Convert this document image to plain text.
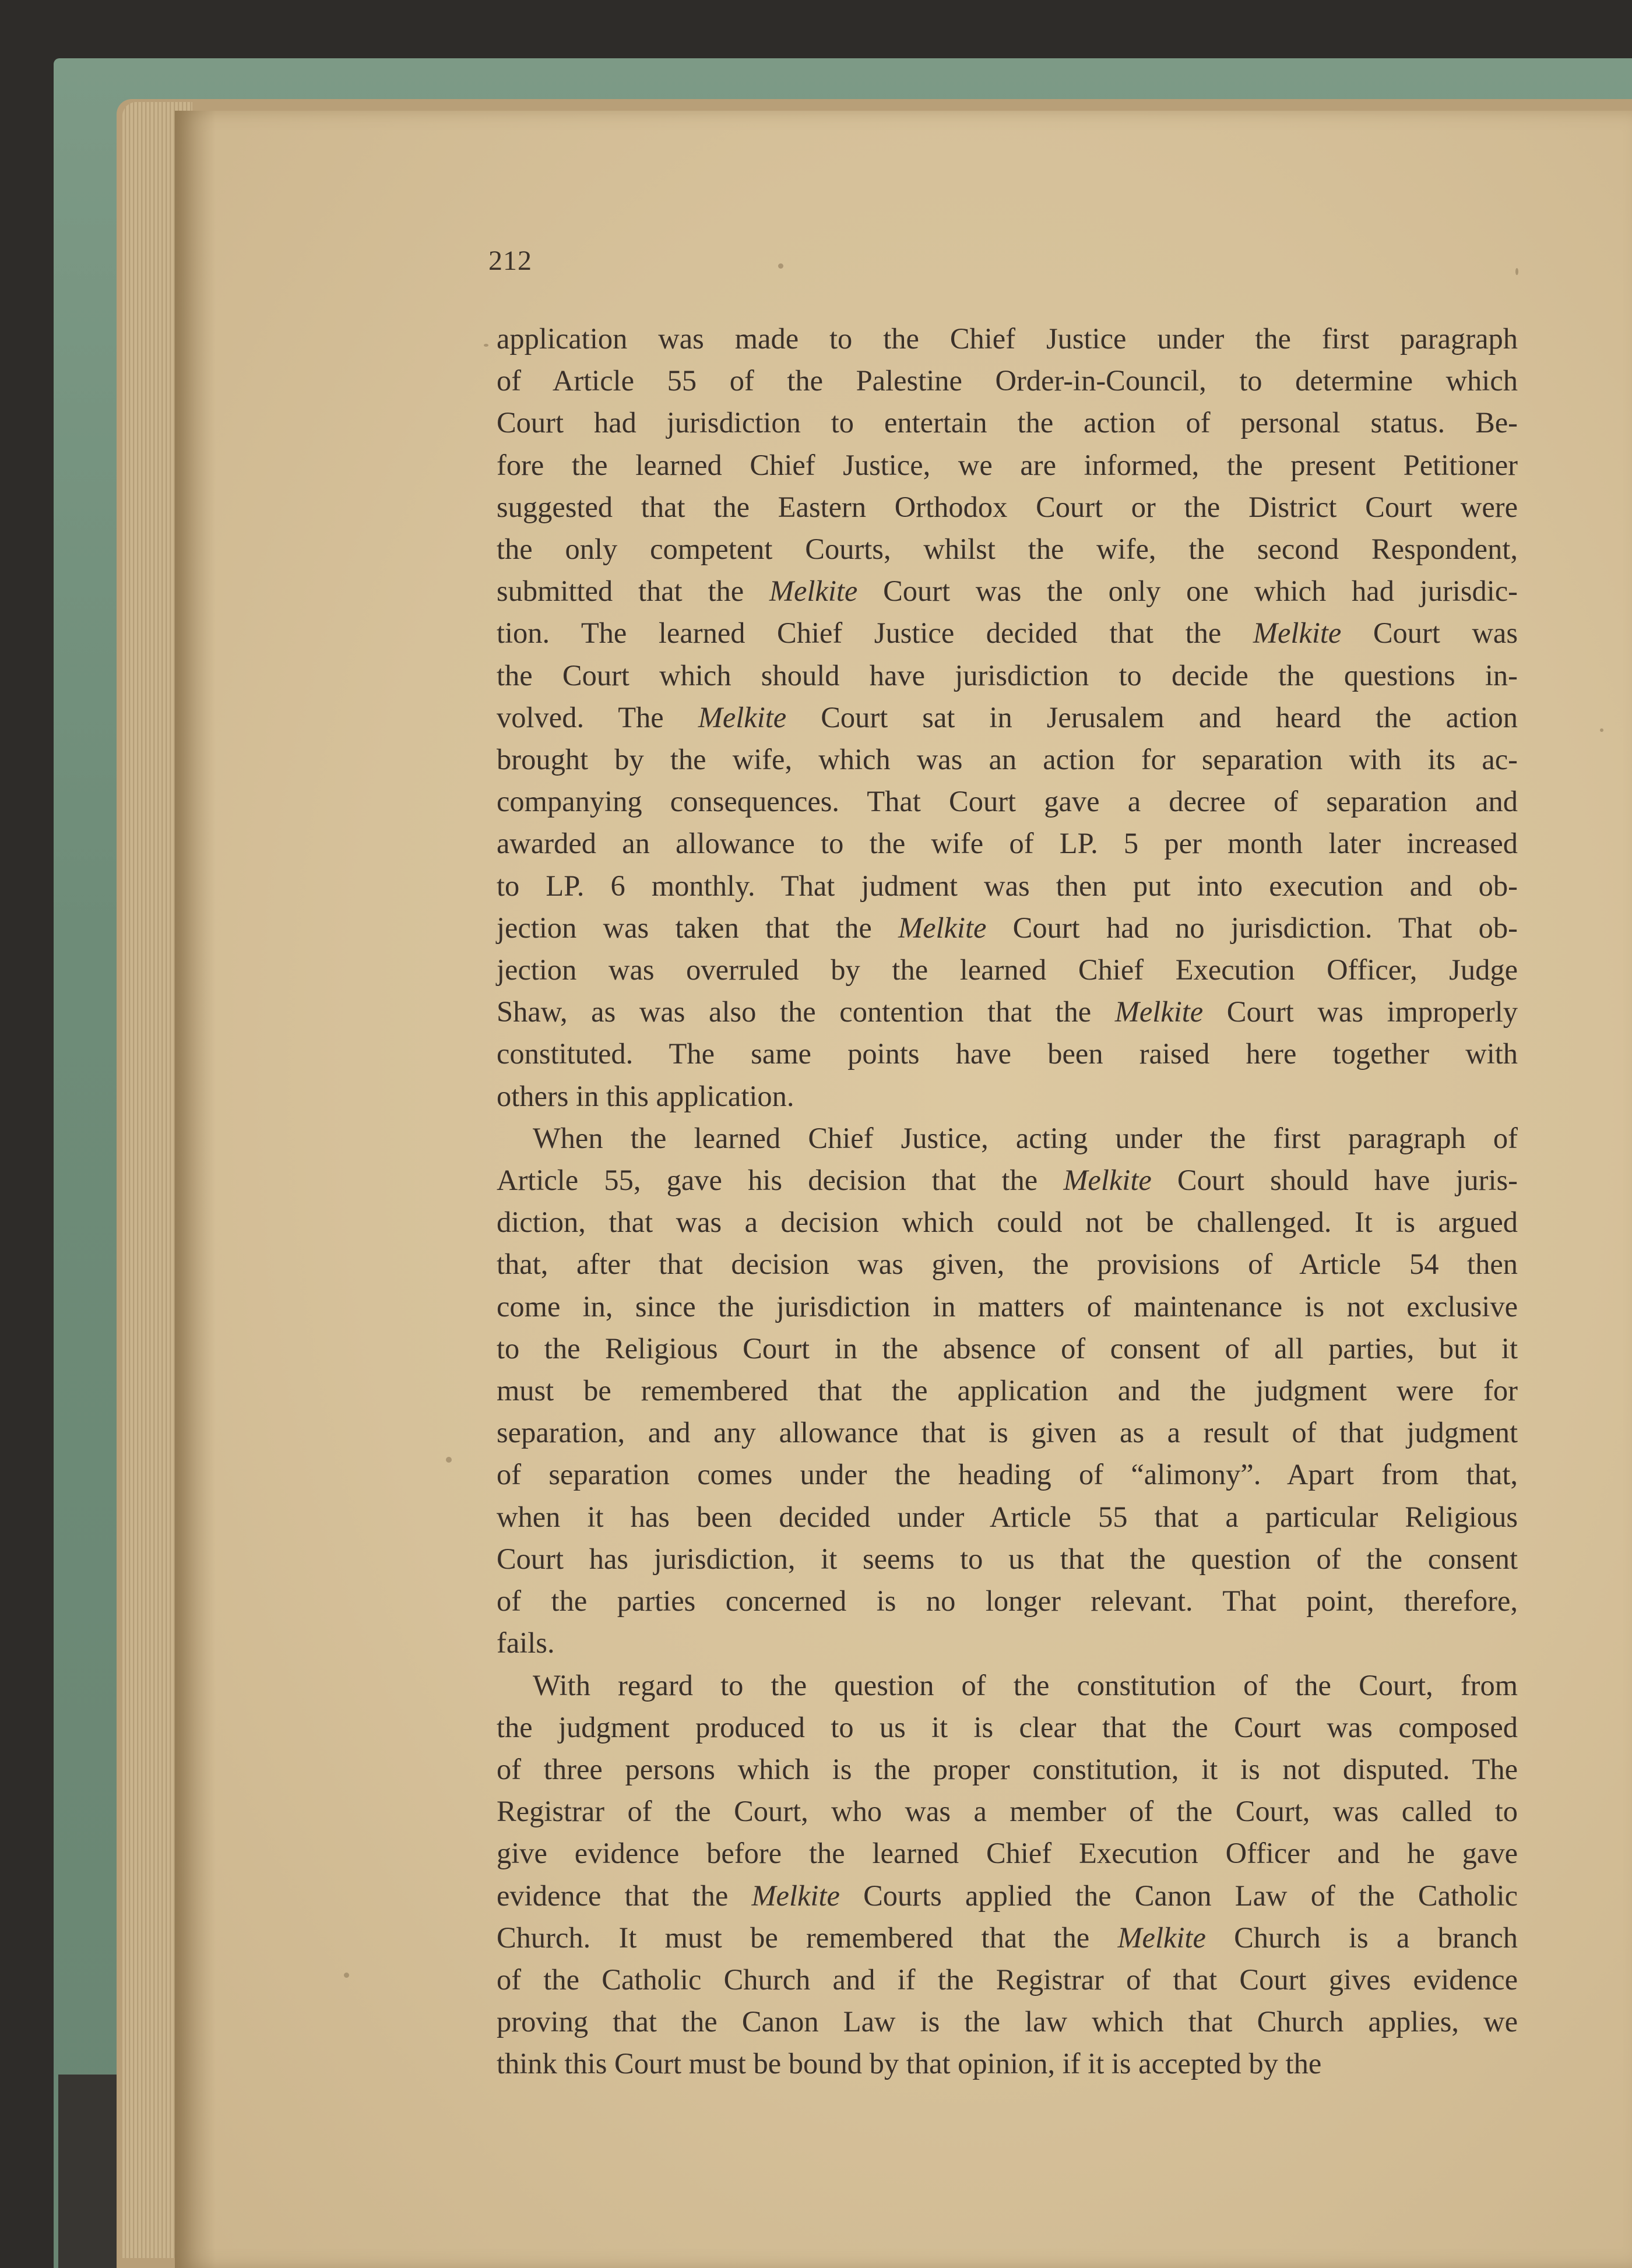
212
application was made to the Chief Justice under the first paragraph
of Article 55 of the Palestine Order-in-Council, to determine which
Court had jurisdiction to entertain the action of personal status. Be-
fore the learned Chief Justice, we are informed, the present Petitioner
suggested that the Eastern Orthodox Court or the District Court were
the only competent Courts, whilst the wife, the second Respondent,
submitted that the Melkite Court was the only one which had jurisdic-
tion. The learned Chief Justice decided that the Melkite Court was
the Court which should have jurisdiction to decide the questions in-
volved. The Melkite Court sat in Jerusalem and heard the action
brought by the wife, which was an action for separation with its ac-
companying consequences. That Court gave a decree of separation and
awarded an allowance to the wife of LP. 5 per month later increased
to LP. 6 monthly. That judment was then put into execution and ob-
jection was taken that the Melkite Court had no jurisdiction. That ob-
jection was overruled by the learned Chief Execution Officer, Judge
Shaw, as was also the contention that the Melkite Court was improperly
constituted. The same points have been raised here together with
others in this application.
When the learned Chief Justice, acting under the first paragraph of
Article 55, gave his decision that the Melkite Court should have juris-
diction, that was a decision which could not be challenged. It is argued
that, after that decision was given, the provisions of Article 54 then
come in, since the jurisdiction in matters of maintenance is not exclusive
to the Religious Court in the absence of consent of all parties, but it
must be remembered that the application and the judgment were for
separation, and any allowance that is given as a result of that judgment
of separation comes under the heading of “alimony”. Apart from that,
when it has been decided under Article 55 that a particular Religious
Court has jurisdiction, it seems to us that the question of the consent
of the parties concerned is no longer relevant. That point, therefore,
fails.
With regard to the question of the constitution of the Court, from
the judgment produced to us it is clear that the Court was composed
of three persons which is the proper constitution, it is not disputed. The
Registrar of the Court, who was a member of the Court, was called to
give evidence before the learned Chief Execution Officer and he gave
evidence that the Melkite Courts applied the Canon Law of the Catholic
Church. It must be remembered that the Melkite Church is a branch
of the Catholic Church and if the Registrar of that Court gives evidence
proving that the Canon Law is the law which that Church applies, we
think this Court must be bound by that opinion, if it is accepted by the
